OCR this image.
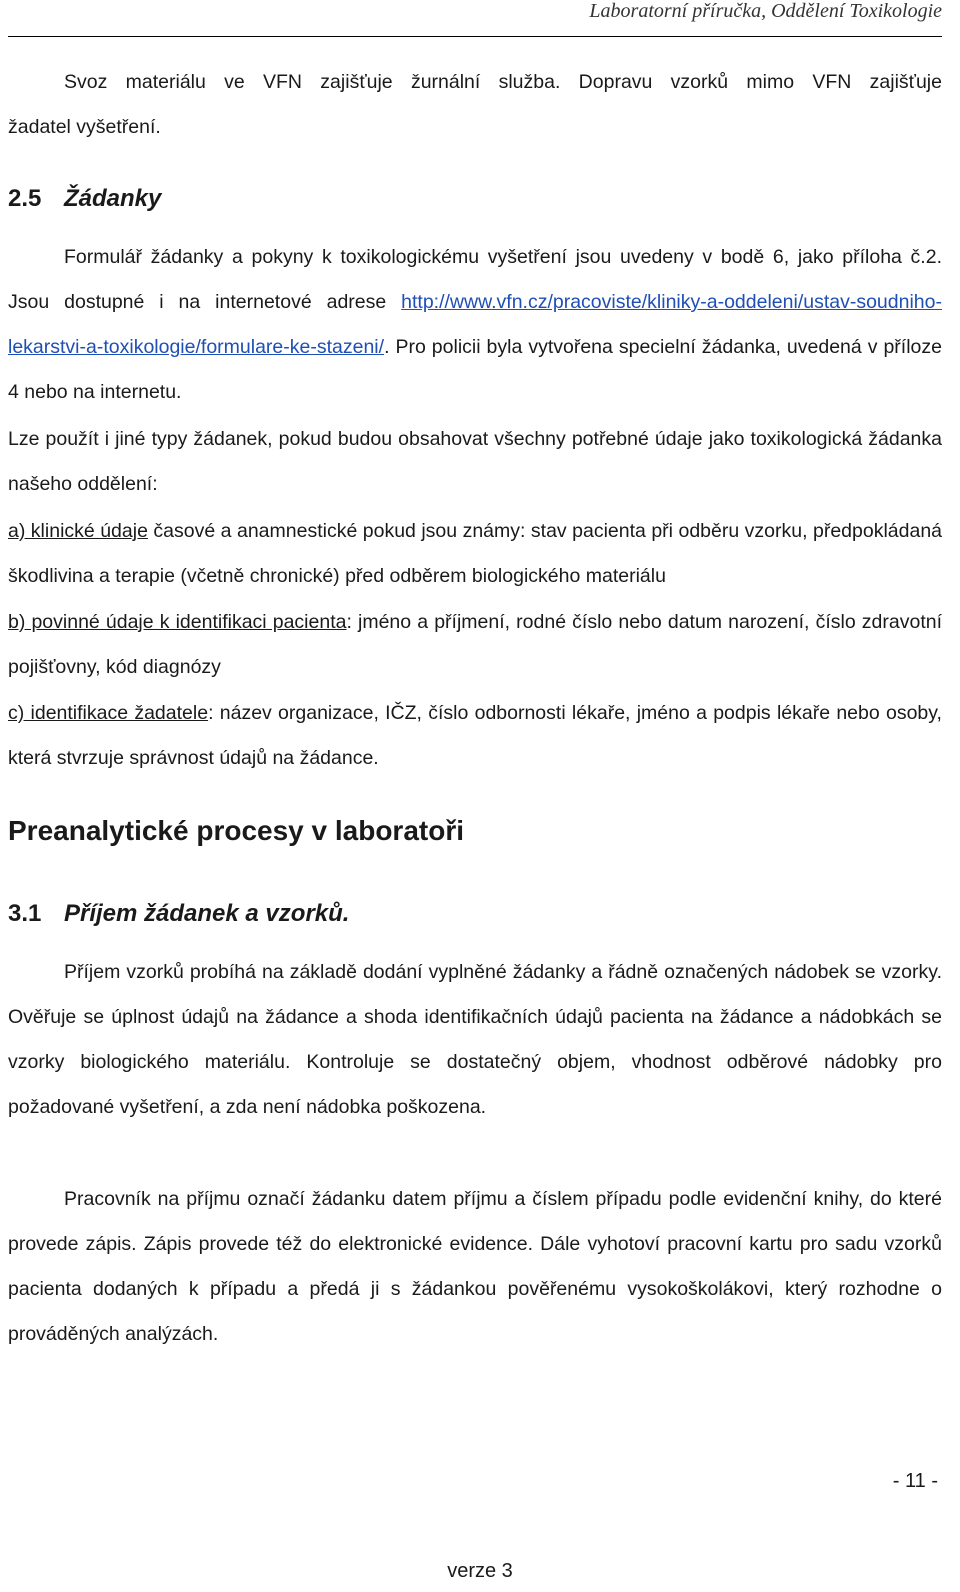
Laboratorní příručka, Oddělení Toxikologie
Svoz materiálu ve VFN zajišťuje žurnální služba. Dopravu vzorků mimo VFN zajišťuje
žadatel vyšetření.
2.5 Žádanky
Formulář žádanky a pokyny k toxikologickému vyšetření jsou uvedeny v bodě 6, jako příloha č.2. Jsou dostupné i na internetové adrese http://www.vfn.cz/pracoviste/kliniky-a-oddeleni/ustav-soudniho-lekarstvi-a-toxikologie/formulare-ke-stazeni/. Pro policii byla vytvořena specielní žádanka, uvedená v příloze 4 nebo na internetu.
Lze použít i jiné typy žádanek, pokud budou obsahovat všechny potřebné údaje jako toxikologická žádanka našeho oddělení:
a) klinické údaje časové a anamnestické pokud jsou známy: stav pacienta při odběru vzorku, předpokládaná škodlivina a terapie (včetně chronické) před odběrem biologického materiálu
b) povinné údaje k identifikaci pacienta: jméno a příjmení, rodné číslo nebo datum narození, číslo zdravotní pojišťovny, kód diagnózy
c) identifikace žadatele: název organizace, IČZ, číslo odbornosti lékaře, jméno a podpis lékaře nebo osoby, která stvrzuje správnost údajů na žádance.
Preanalytické procesy v laboratoři
3.1 Příjem žádanek a vzorků.
Příjem vzorků probíhá na základě dodání vyplněné žádanky a řádně označených nádobek se vzorky. Ověřuje se úplnost údajů na žádance a shoda identifikačních údajů pacienta na žádance a nádobkách se vzorky biologického materiálu. Kontroluje se dostatečný objem, vhodnost odběrové nádobky pro požadované vyšetření, a zda není nádobka poškozena.
Pracovník na příjmu označí žádanku datem příjmu a číslem případu podle evidenční knihy, do které provede zápis. Zápis provede též do elektronické evidence. Dále vyhotoví pracovní kartu pro sadu vzorků pacienta dodaných k případu a předá ji s žádankou pověřenému vysokoškolákovi, který rozhodne o prováděných analýzách.
- 11 -
verze 3
